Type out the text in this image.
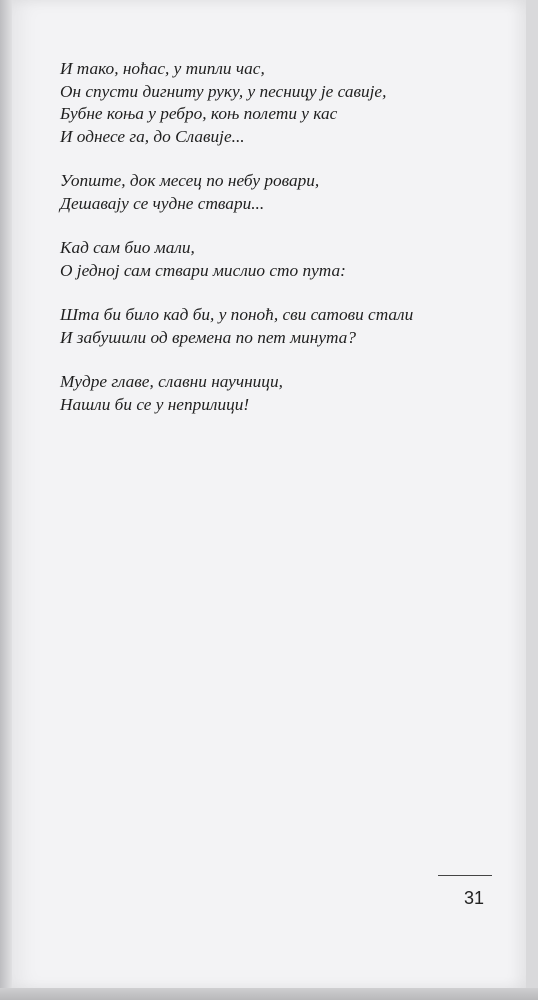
И тако, ноћас, у типли час,
Он спусти дигниту руку, у песницу је савије,
Бубне коња у ребро, коњ полети у кас
И однесе га, до Славије...
Уопште, док месец по небу ровари,
Дешавају се чудне ствари...
Кад сам био мали,
О једној сам ствари мислио сто пута:
Шта би било кад би, у поноћ, сви сатови стали
И забушили од времена по пет минута?
Мудре главе, славни научници,
Нашли би се у неприлици!
31
